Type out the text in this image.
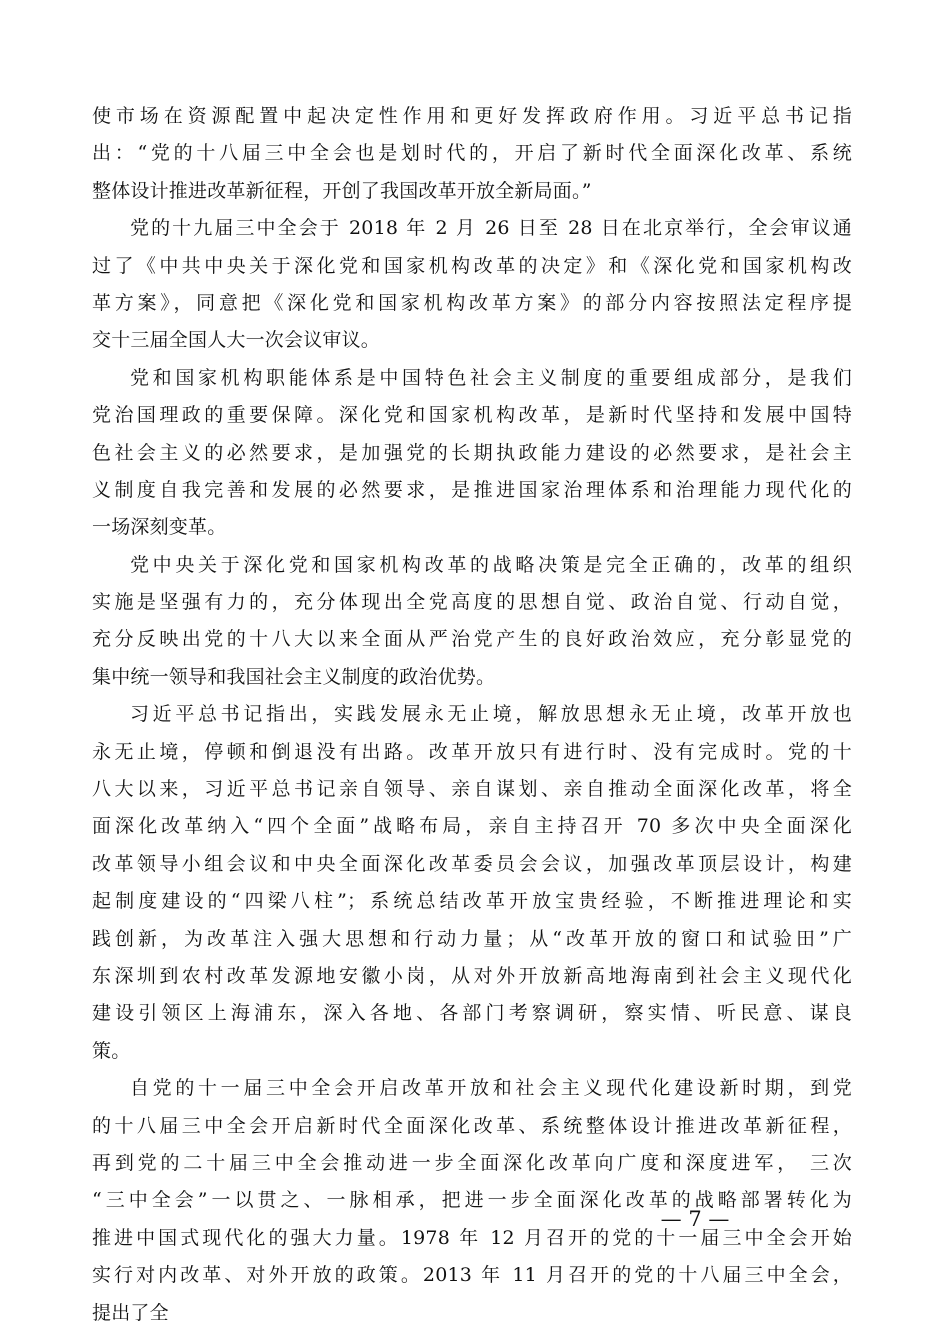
使市场在资源配置中起决定性作用和更好发挥政府作用。习近平总书记指
出：“党的十八届三中全会也是划时代的，开启了新时代全面深化改革、系统
整体设计推进改革新征程，开创了我国改革开放全新局面。”
党的十九届三中全会于 2018 年 2 月 26 日至 28 日在北京举行，全会审议通
过了《中共中央关于深化党和国家机构改革的决定》和《深化党和国家机构改
革方案》，同意把《深化党和国家机构改革方案》的部分内容按照法定程序提
交十三届全国人大一次会议审议。
党和国家机构职能体系是中国特色社会主义制度的重要组成部分，是我们
党治国理政的重要保障。深化党和国家机构改革，是新时代坚持和发展中国特
色社会主义的必然要求，是加强党的长期执政能力建设的必然要求，是社会主
义制度自我完善和发展的必然要求，是推进国家治理体系和治理能力现代化的
一场深刻变革。
党中央关于深化党和国家机构改革的战略决策是完全正确的，改革的组织
实施是坚强有力的，充分体现出全党高度的思想自觉、政治自觉、行动自觉，
充分反映出党的十八大以来全面从严治党产生的良好政治效应，充分彰显党的
集中统一领导和我国社会主义制度的政治优势。
习近平总书记指出，实践发展永无止境，解放思想永无止境，改革开放也
永无止境，停顿和倒退没有出路。改革开放只有进行时、没有完成时。党的十
八大以来，习近平总书记亲自领导、亲自谋划、亲自推动全面深化改革，将全
面深化改革纳入“四个全面”战略布局，亲自主持召开 70 多次中央全面深化
改革领导小组会议和中央全面深化改革委员会会议，加强改革顶层设计，构建
起制度建设的“四梁八柱”；系统总结改革开放宝贵经验，不断推进理论和实
践创新，为改革注入强大思想和行动力量；从“改革开放的窗口和试验田”广
东深圳到农村改革发源地安徽小岗，从对外开放新高地海南到社会主义现代化
建设引领区上海浦东，深入各地、各部门考察调研，察实情、听民意、谋良
策。
自党的十一届三中全会开启改革开放和社会主义现代化建设新时期，到党
的十八届三中全会开启新时代全面深化改革、系统整体设计推进改革新征程，
再到党的二十届三中全会推动进一步全面深化改革向广度和深度进军， 三次
“三中全会”一以贯之、一脉相承，把进一步全面深化改革的战略部署转化为
推进中国式现代化的强大力量。1978 年 12 月召开的党的十一届三中全会开始
实行对内改革、对外开放的政策。2013 年 11 月召开的党的十八届三中全会，
提出了全
— 7 —
